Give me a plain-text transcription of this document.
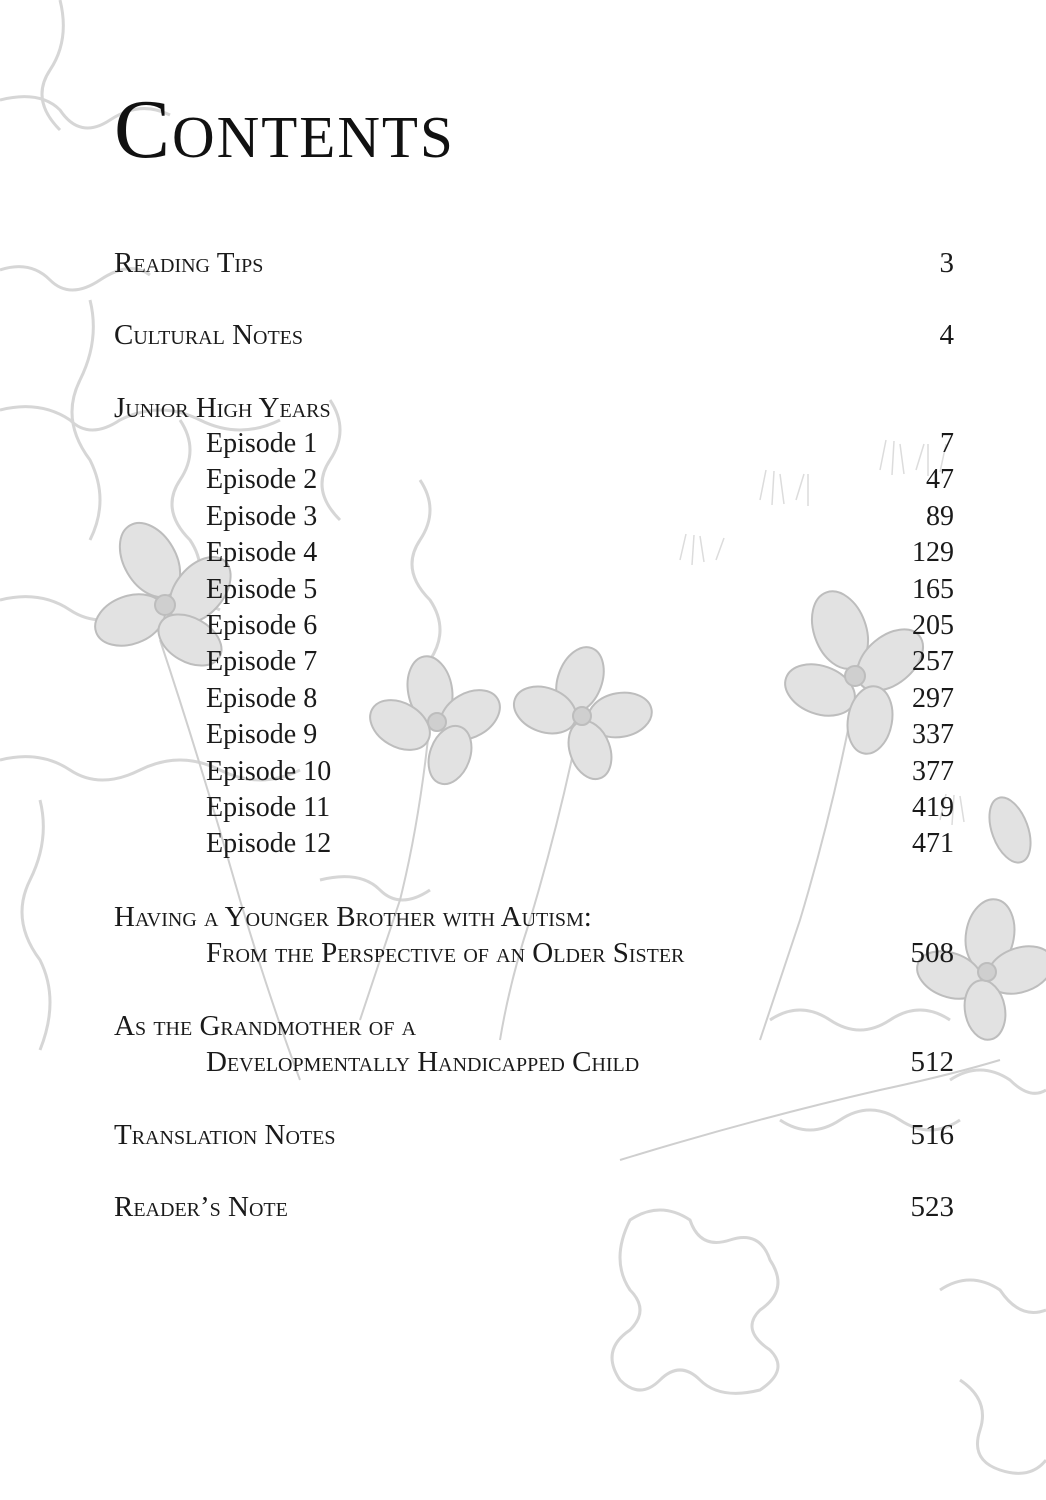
Contents
Reading Tips	3
Cultural Notes	4
Junior High Years
Episode 1	7
Episode 2	47
Episode 3	89
Episode 4	129
Episode 5	165
Episode 6	205
Episode 7	257
Episode 8	297
Episode 9	337
Episode 10	377
Episode 11	419
Episode 12	471
Having a Younger Brother with Autism:
From the Perspective of an Older Sister	508
As the Grandmother of a
Developmentally Handicapped Child	512
Translation Notes	516
Reader’s Note	523
